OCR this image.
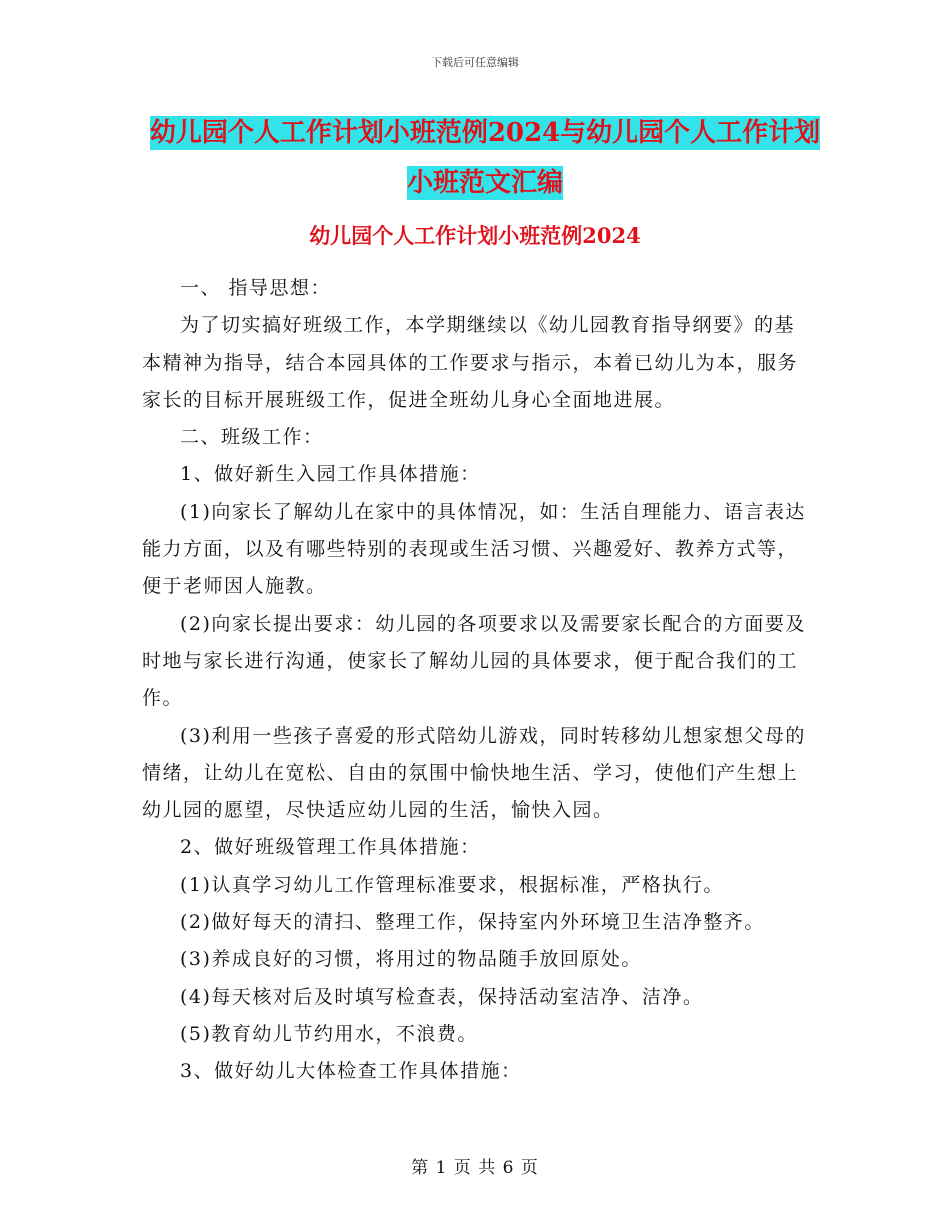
下载后可任意编辑
幼儿园个人工作计划小班范例2024与幼儿园个人工作计划小班范文汇编
幼儿园个人工作计划小班范例2024

一、 指导思想：

为了切实搞好班级工作，本学期继续以《幼儿园教育指导纲要》的基本精神为指导，结合本园具体的工作要求与指示，本着已幼儿为本，服务家长的目标开展班级工作，促进全班幼儿身心全面地进展。

二、班级工作：

1、做好新生入园工作具体措施：

(1)向家长了解幼儿在家中的具体情况，如：生活自理能力、语言表达能力方面，以及有哪些特别的表现或生活习惯、兴趣爱好、教养方式等，便于老师因人施教。

(2)向家长提出要求：幼儿园的各项要求以及需要家长配合的方面要及时地与家长进行沟通，使家长了解幼儿园的具体要求，便于配合我们的工作。

(3)利用一些孩子喜爱的形式陪幼儿游戏，同时转移幼儿想家想父母的情绪，让幼儿在宽松、自由的氛围中愉快地生活、学习，使他们产生想上幼儿园的愿望，尽快适应幼儿园的生活，愉快入园。

2、做好班级管理工作具体措施：

(1)认真学习幼儿工作管理标准要求，根据标准，严格执行。

(2)做好每天的清扫、整理工作，保持室内外环境卫生洁净整齐。

(3)养成良好的习惯，将用过的物品随手放回原处。

(4)每天核对后及时填写检查表，保持活动室洁净、洁净。

(5)教育幼儿节约用水，不浪费。

3、做好幼儿大体检查工作具体措施：

第 1 页 共 6 页
